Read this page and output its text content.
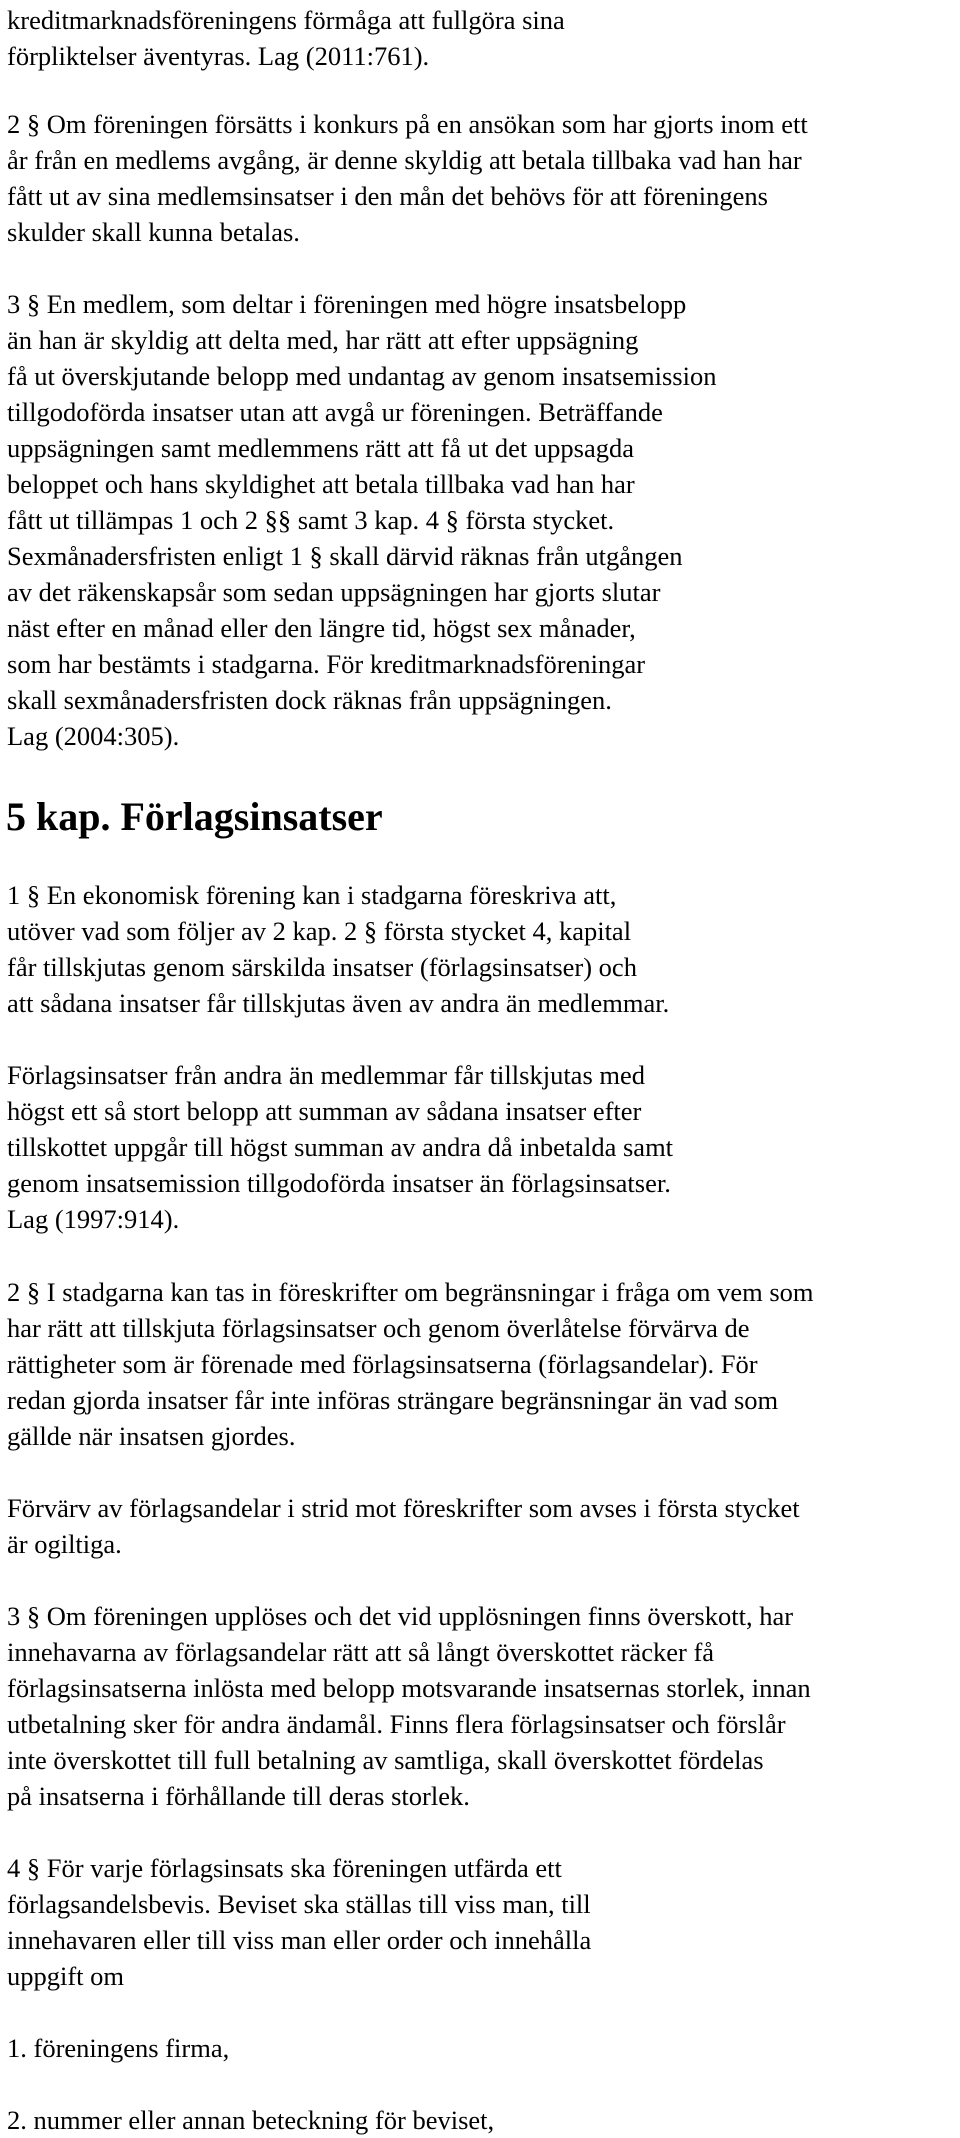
kreditmarknadsföreningens förmåga att fullgöra sina
förpliktelser äventyras. Lag (2011:761).

2 § Om föreningen försätts i konkurs på en ansökan som har gjorts inom ett
år från en medlems avgång, är denne skyldig att betala tillbaka vad han har
fått ut av sina medlemsinsatser i den mån det behövs för att föreningens
skulder skall kunna betalas.

3 § En medlem, som deltar i föreningen med högre insatsbelopp
än han är skyldig att delta med, har rätt att efter uppsägning
få ut överskjutande belopp med undantag av genom insatsemission
tillgodoförda insatser utan att avgå ur föreningen. Beträffande
uppsägningen samt medlemmens rätt att få ut det uppsagda
beloppet och hans skyldighet att betala tillbaka vad han har
fått ut tillämpas 1 och 2 §§ samt 3 kap. 4 § första stycket.
Sexmånadersfristen enligt 1 § skall därvid räknas från utgången
av det räkenskapsår som sedan uppsägningen har gjorts slutar
näst efter en månad eller den längre tid, högst sex månader,
som har bestämts i stadgarna. För kreditmarknadsföreningar
skall sexmånadersfristen dock räknas från uppsägningen.
Lag (2004:305).

5 kap. Förlagsinsatser

1 § En ekonomisk förening kan i stadgarna föreskriva att,
utöver vad som följer av 2 kap. 2 § första stycket 4, kapital
får tillskjutas genom särskilda insatser (förlagsinsatser) och
att sådana insatser får tillskjutas även av andra än medlemmar.

Förlagsinsatser från andra än medlemmar får tillskjutas med
högst ett så stort belopp att summan av sådana insatser efter
tillskottet uppgår till högst summan av andra då inbetalda samt
genom insatsemission tillgodoförda insatser än förlagsinsatser.
Lag (1997:914).

2 § I stadgarna kan tas in föreskrifter om begränsningar i fråga om vem som
har rätt att tillskjuta förlagsinsatser och genom överlåtelse förvärva de
rättigheter som är förenade med förlagsinsatserna (förlagsandelar). För
redan gjorda insatser får inte införas strängare begränsningar än vad som
gällde när insatsen gjordes.

Förvärv av förlagsandelar i strid mot föreskrifter som avses i första stycket
är ogiltiga.

3 § Om föreningen upplöses och det vid upplösningen finns överskott, har
innehavarna av förlagsandelar rätt att så långt överskottet räcker få
förlagsinsatserna inlösta med belopp motsvarande insatsernas storlek, innan
utbetalning sker för andra ändamål. Finns flera förlagsinsatser och förslår
inte överskottet till full betalning av samtliga, skall överskottet fördelas
på insatserna i förhållande till deras storlek.

4 § För varje förlagsinsats ska föreningen utfärda ett
förlagsandelsbevis. Beviset ska ställas till viss man, till
innehavaren eller till viss man eller order och innehålla
uppgift om

1. föreningens firma,

2. nummer eller annan beteckning för beviset,
